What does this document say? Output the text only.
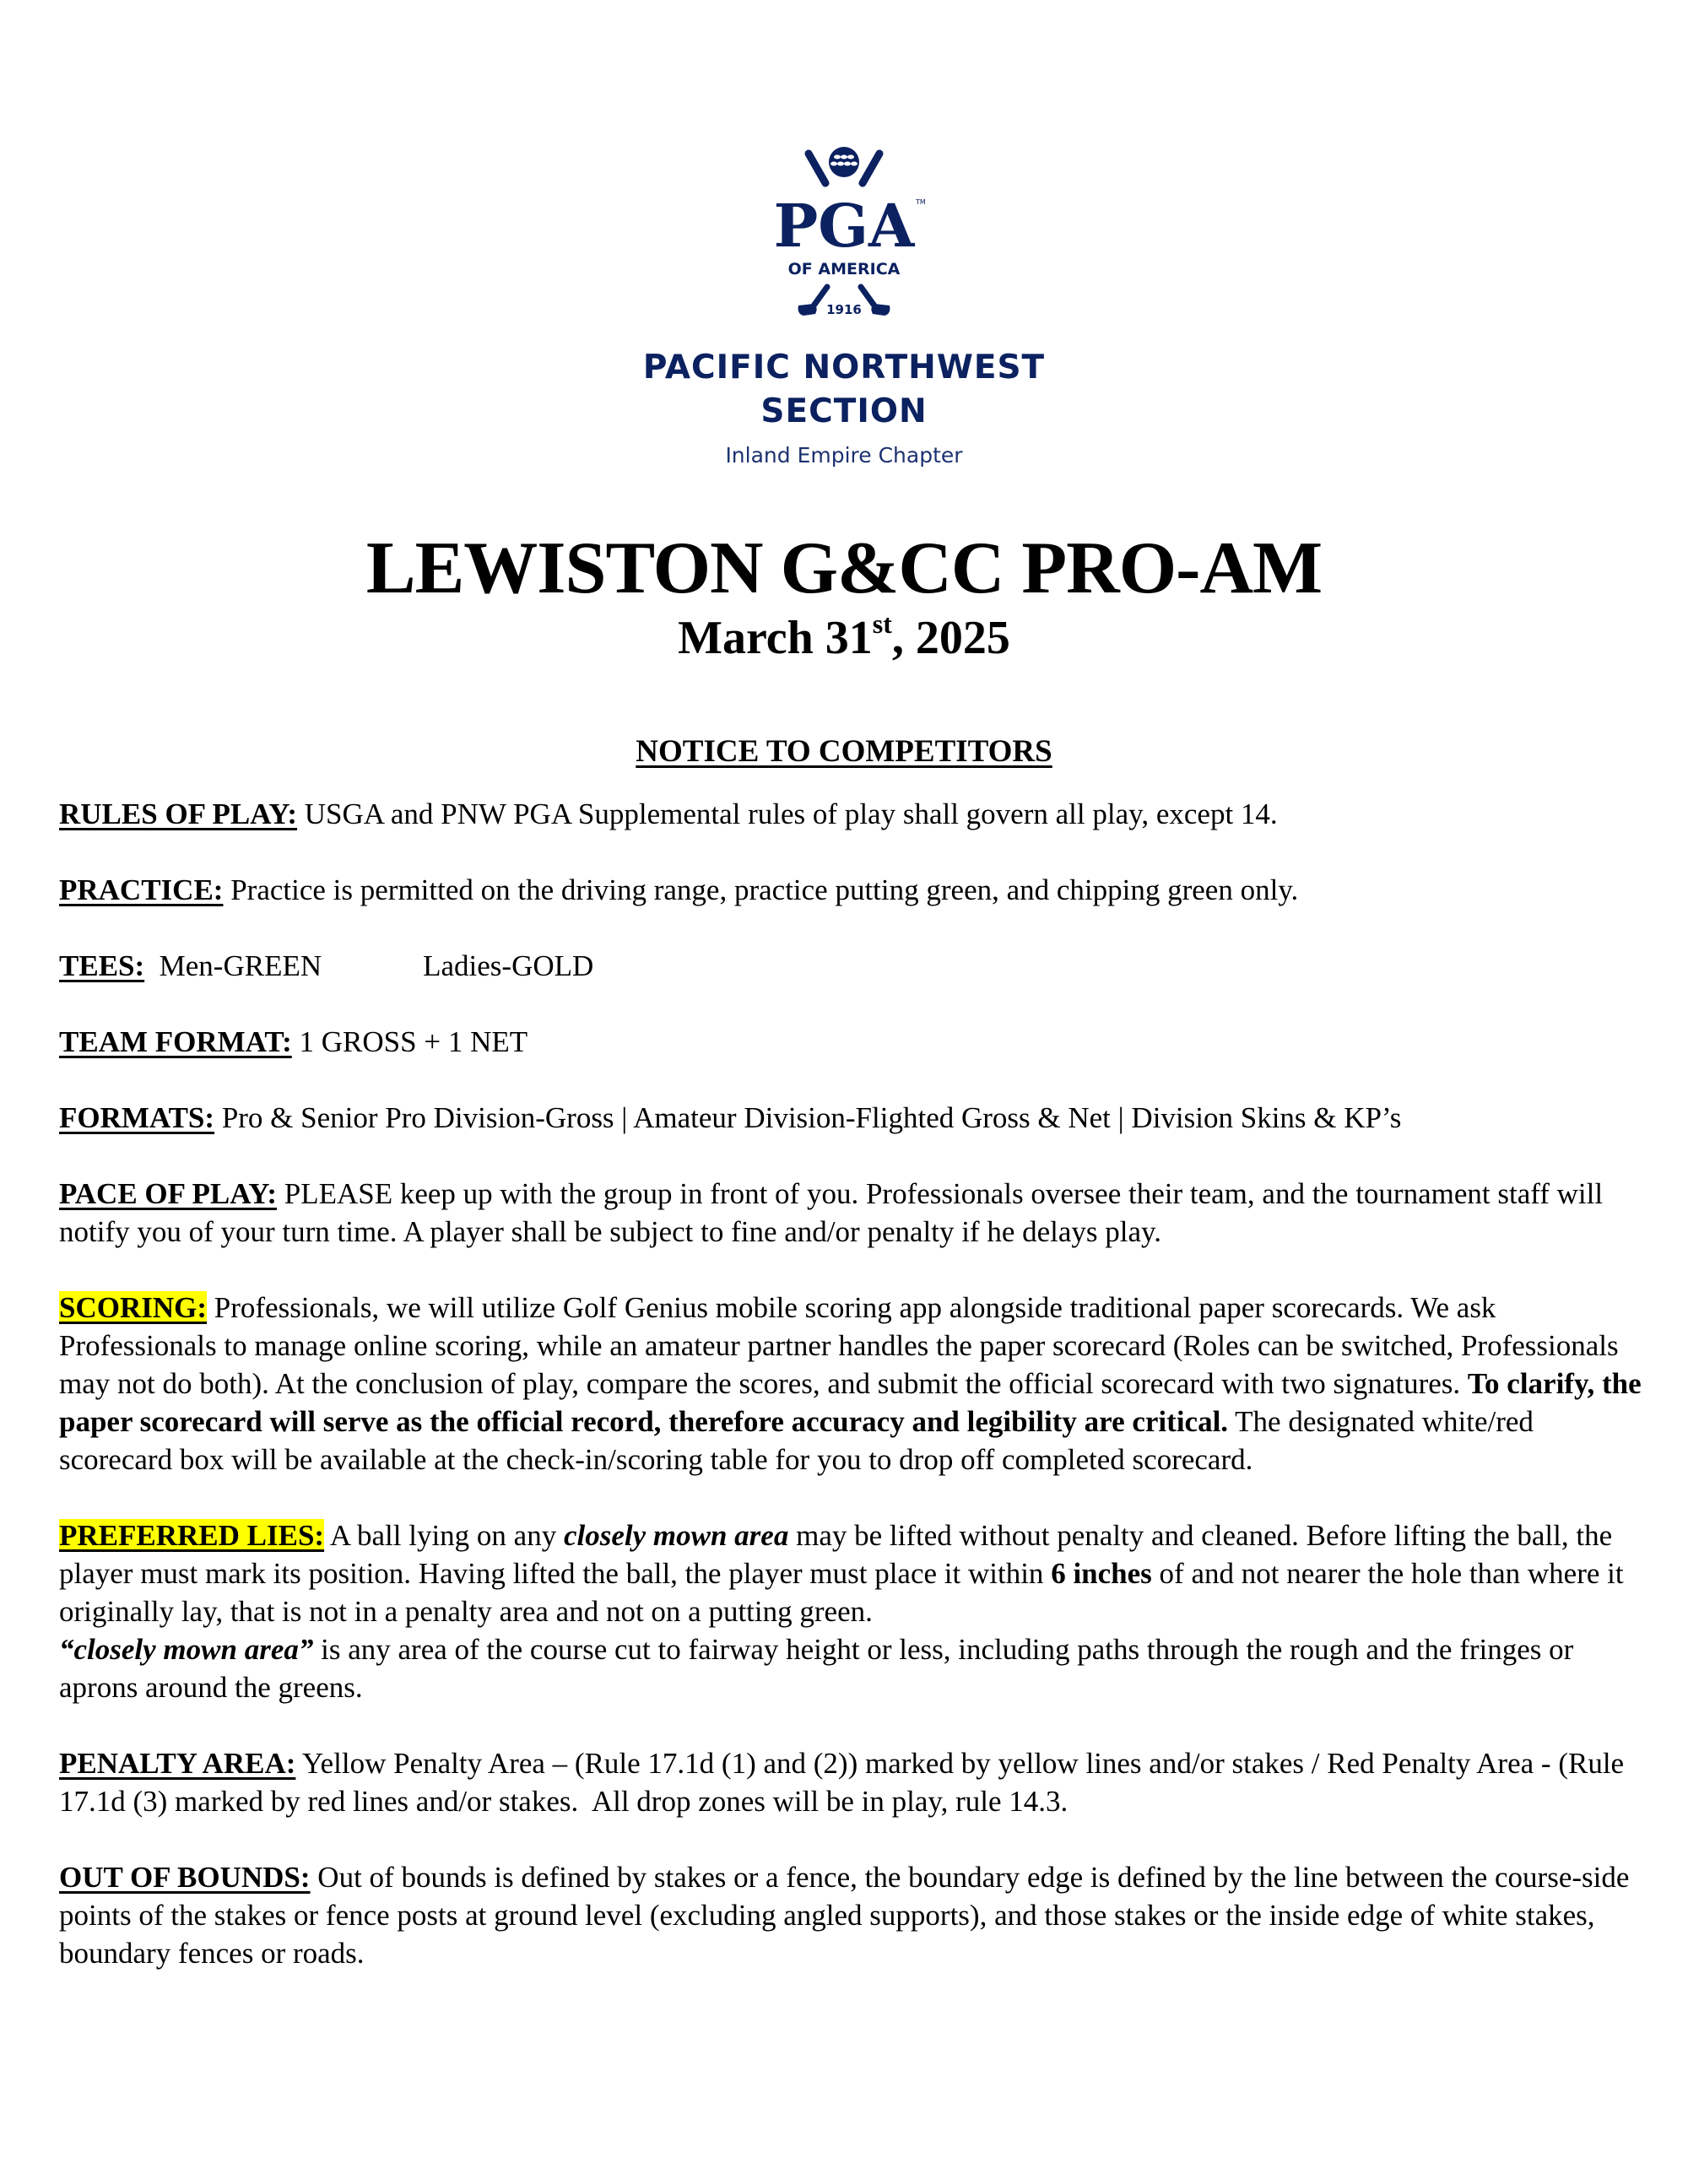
TM
PGA
OF AMERICA
1916
PACIFIC NORTHWEST
SECTION
Inland Empire Chapter
LEWISTON G&CC PRO-AM
March 31st, 2025
NOTICE TO COMPETITORS

RULES OF PLAY: USGA and PNW PGA Supplemental rules of play shall govern all play, except 14.

PRACTICE: Practice is permitted on the driving range, practice putting green, and chipping green only.

TEES:  Men-GREEN	Ladies-GOLD

TEAM FORMAT: 1 GROSS + 1 NET

FORMATS: Pro & Senior Pro Division-Gross | Amateur Division-Flighted Gross & Net | Division Skins & KP’s

PACE OF PLAY: PLEASE keep up with the group in front of you. Professionals oversee their team, and the tournament staff will notify you of your turn time. A player shall be subject to fine and/or penalty if he delays play.

SCORING: Professionals, we will utilize Golf Genius mobile scoring app alongside traditional paper scorecards. We ask Professionals to manage online scoring, while an amateur partner handles the paper scorecard (Roles can be switched, Professionals may not do both). At the conclusion of play, compare the scores, and submit the official scorecard with two signatures. To clarify, the paper scorecard will serve as the official record, therefore accuracy and legibility are critical. The designated white/red scorecard box will be available at the check-in/scoring table for you to drop off completed scorecard.

PREFERRED LIES: A ball lying on any closely mown area may be lifted without penalty and cleaned. Before lifting the ball, the player must mark its position. Having lifted the ball, the player must place it within 6 inches of and not nearer the hole than where it originally lay, that is not in a penalty area and not on a putting green.
“closely mown area” is any area of the course cut to fairway height or less, including paths through the rough and the fringes or aprons around the greens.

PENALTY AREA: Yellow Penalty Area – (Rule 17.1d (1) and (2)) marked by yellow lines and/or stakes / Red Penalty Area - (Rule 17.1d (3) marked by red lines and/or stakes.  All drop zones will be in play, rule 14.3.

OUT OF BOUNDS: Out of bounds is defined by stakes or a fence, the boundary edge is defined by the line between the course-side points of the stakes or fence posts at ground level (excluding angled supports), and those stakes or the inside edge of white stakes, boundary fences or roads.
